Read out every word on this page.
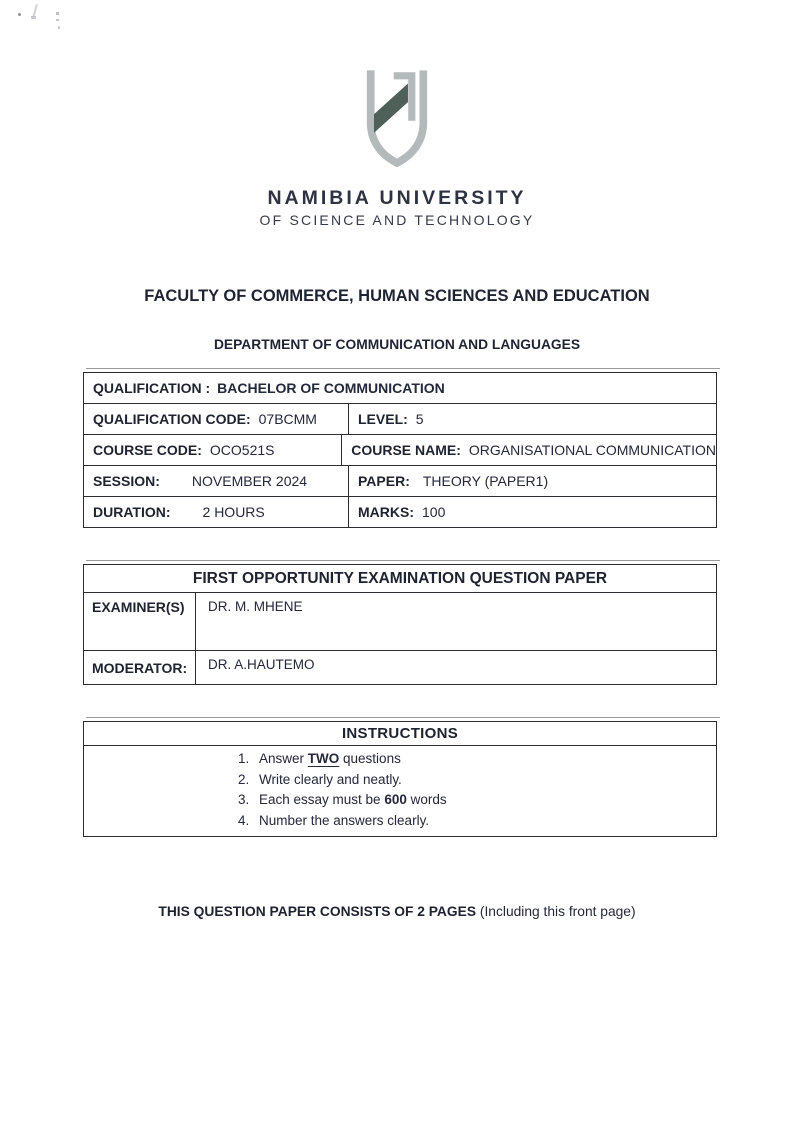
NAMIBIA UNIVERSITY
OF SCIENCE AND TECHNOLOGY
FACULTY OF COMMERCE, HUMAN SCIENCES AND EDUCATION
DEPARTMENT OF COMMUNICATION AND LANGUAGES
QUALIFICATION : BACHELOR OF COMMUNICATION
QUALIFICATION CODE: 07BCMM	LEVEL: 5
COURSE CODE: OCO521S	COURSE NAME: ORGANISATIONAL COMMUNICATION
SESSION: NOVEMBER 2024	PAPER: THEORY (PAPER1)
DURATION: 2 HOURS	MARKS: 100
FIRST OPPORTUNITY EXAMINATION QUESTION PAPER
EXAMINER(S)	DR. M. MHENE
MODERATOR:	DR. A.HAUTEMO
INSTRUCTIONS
1. Answer TWO questions
2. Write clearly and neatly.
3. Each essay must be 600 words
4. Number the answers clearly.
THIS QUESTION PAPER CONSISTS OF 2 PAGES (Including this front page)
